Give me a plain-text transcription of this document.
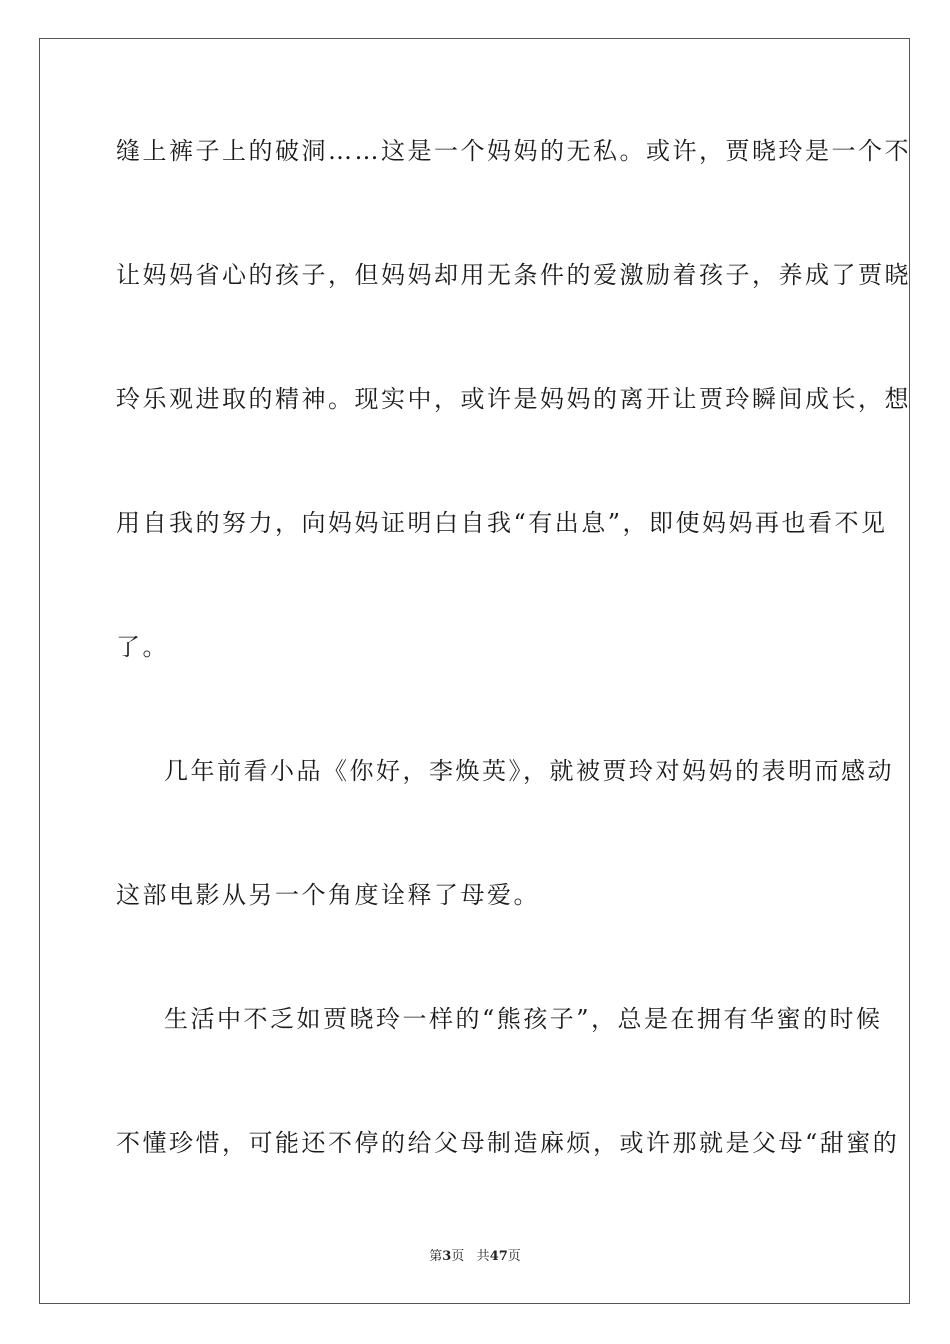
缝上裤子上的破洞……这是一个妈妈的无私。或许，贾晓玲是一个不
让妈妈省心的孩子，但妈妈却用无条件的爱激励着孩子，养成了贾晓
玲乐观进取的精神。现实中，或许是妈妈的离开让贾玲瞬间成长，想
用自我的努力，向妈妈证明白自我“有出息”，即使妈妈再也看不见
了。
几年前看小品《你好，李焕英》，就被贾玲对妈妈的表明而感动
这部电影从另一个角度诠释了母爱。
生活中不乏如贾晓玲一样的“熊孩子”，总是在拥有华蜜的时候
不懂珍惜，可能还不停的给父母制造麻烦，或许那就是父母“甜蜜的
第3页 共47页
